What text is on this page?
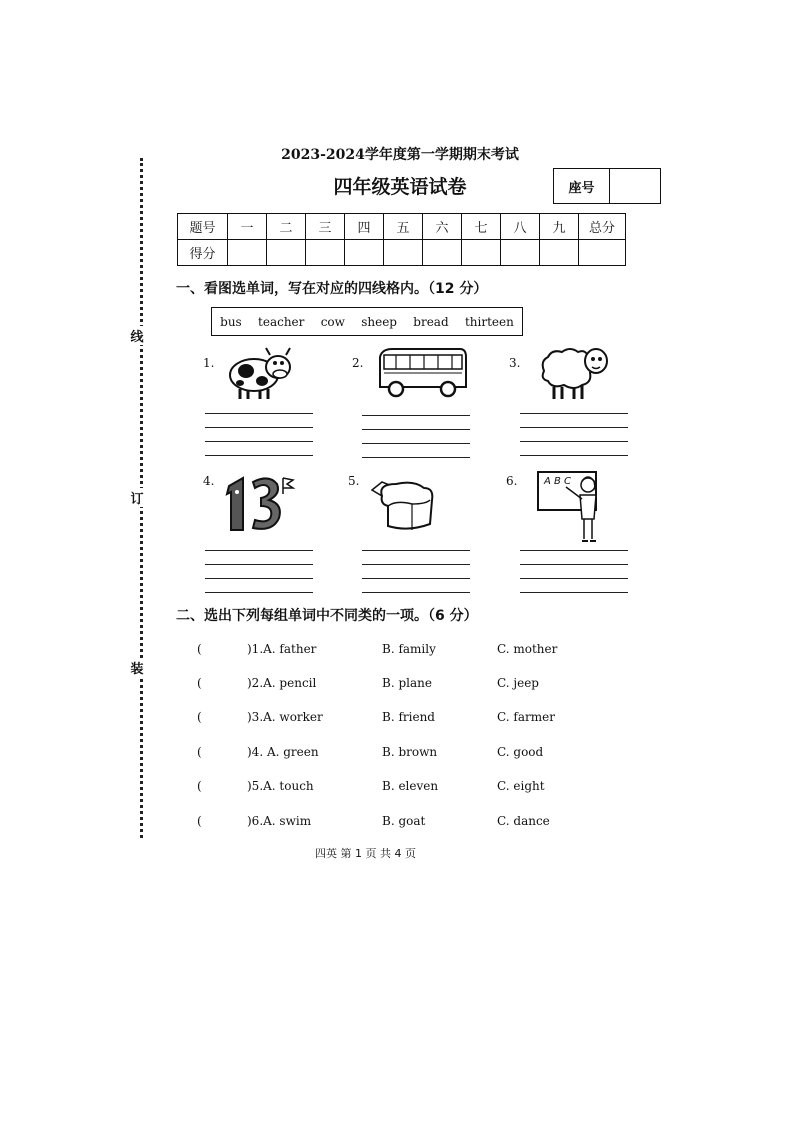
线
订
装
2023-2024学年度第一学期期末考试
四年级英语试卷	座号
题号	一	二	三	四	五	六	七	八	九	总分
得分										
一、看图选单词，写在对应的四线格内。（12 分）
bus teacher cow sheep bread thirteen
1.	2.	3.
4.	5.	6.	A B C
二、选出下列每组单词中不同类的一项。（6 分）
(	)1.A. father	B. family	C. mother
(	)2.A. pencil	B. plane	C. jeep
(	)3.A. worker	B. friend	C. farmer
(	)4. A. green	B. brown	C. good
(	)5.A. touch	B. eleven	C. eight
(	)6.A. swim	B. goat	C. dance
四英 第 1 页 共 4 页
